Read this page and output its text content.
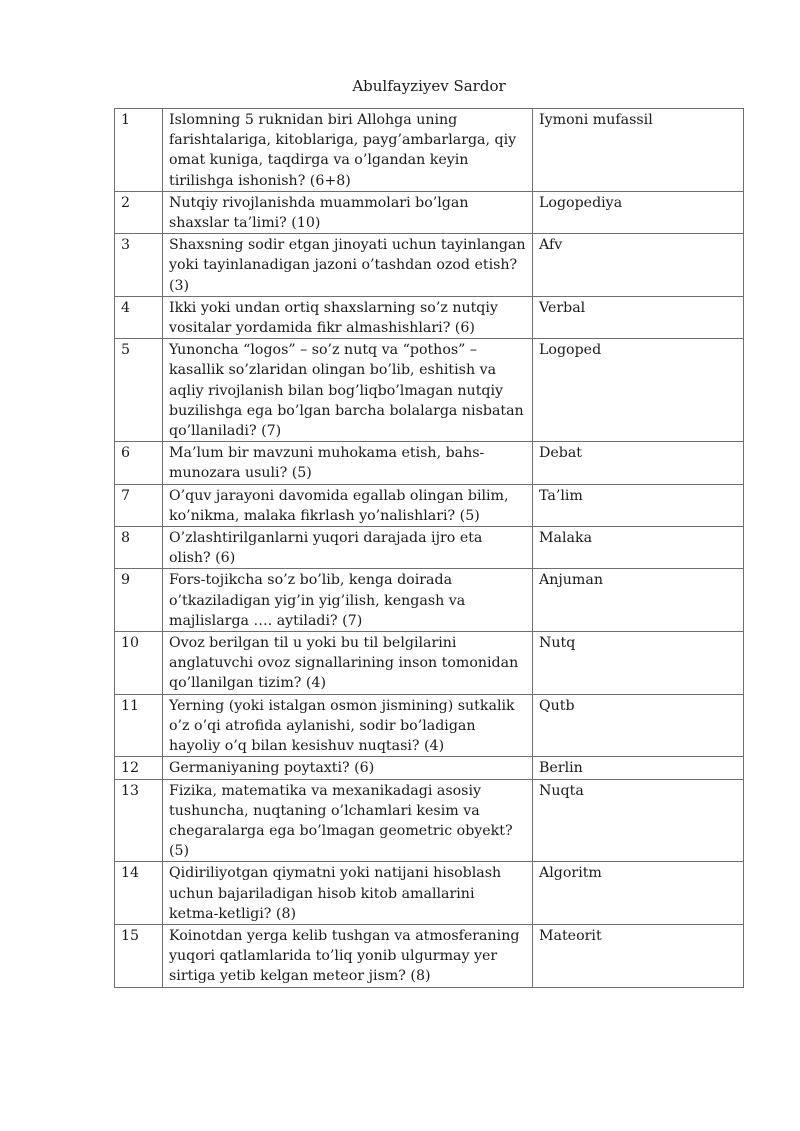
Abulfayziyev Sardor
1	Islomning 5 ruknidan biri Allohga uning farishtalariga, kitoblariga, payg’ambarlarga, qiy omat kuniga, taqdirga va o’lgandan keyin tirilishga ishonish? (6+8)	Iymoni mufassil
2	Nutqiy rivojlanishda muammolari bo’lgan shaxslar ta’limi? (10)	Logopediya
3	Shaxsning sodir etgan jinoyati uchun tayinlangan yoki tayinlanadigan jazoni o’tashdan ozod etish? (3)	Afv
4	Ikki yoki undan ortiq shaxslarning so’z nutqiy vositalar yordamida fikr almashishlari? (6)	Verbal
5	Yunoncha “logos” – so’z nutq va “pothos” – kasallik so’zlaridan olingan bo’lib, eshitish va aqliy rivojlanish bilan bog’liqbo’lmagan nutqiy buzilishga ega bo’lgan barcha bolalarga nisbatan qo’llaniladi? (7)	Logoped
6	Ma’lum bir mavzuni muhokama etish, bahs-munozara usuli? (5)	Debat
7	O’quv jarayoni davomida egallab olingan bilim, ko’nikma, malaka fikrlash yo’nalishlari? (5)	Ta’lim
8	O’zlashtirilganlarni yuqori darajada ijro eta olish? (6)	Malaka
9	Fors-tojikcha so’z bo’lib, kenga doirada o’tkaziladigan yig’in yig’ilish, kengash va majlislarga …. aytiladi? (7)	Anjuman
10	Ovoz berilgan til u yoki bu til belgilarini anglatuvchi ovoz signallarining inson tomonidan qo’llanilgan tizim? (4)	Nutq
11	Yerning (yoki istalgan osmon jismining) sutkalik o’z o’qi atrofida aylanishi, sodir bo’ladigan hayoliy o’q bilan kesishuv nuqtasi? (4)	Qutb
12	Germaniyaning poytaxti? (6)	Berlin
13	Fizika, matematika va mexanikadagi asosiy tushuncha, nuqtaning o’lchamlari kesim va chegaralarga ega bo’lmagan geometric obyekt? (5)	Nuqta
14	Qidiriliyotgan qiymatni yoki natijani hisoblash uchun bajariladigan hisob kitob amallarini ketma-ketligi? (8)	Algoritm
15	Koinotdan yerga kelib tushgan va atmosferaning yuqori qatlamlarida to’liq yonib ulgurmay yer sirtiga yetib kelgan meteor jism? (8)	Mateorit
